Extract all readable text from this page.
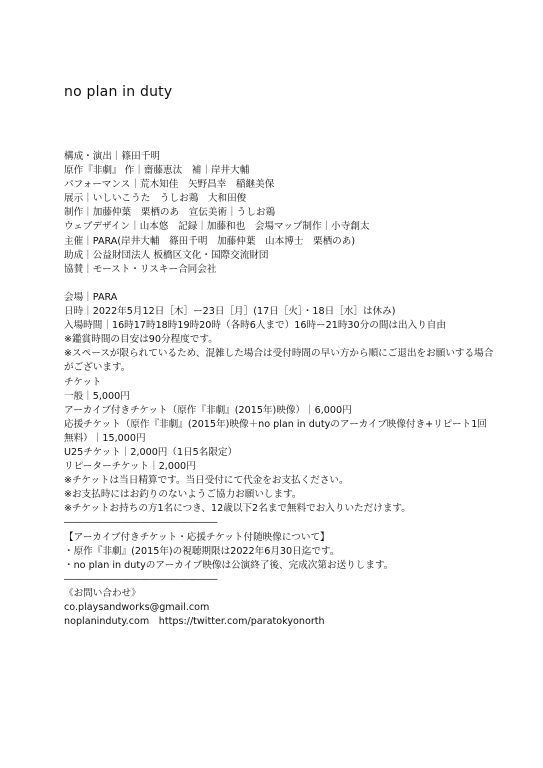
no plan in duty
構成・演出｜篠田千明
原作『非劇』 作｜齋藤恵汰　補｜岸井大輔
パフォーマンス｜荒木知佳　矢野昌幸　稲継美保
展示｜いしいこうた　うしお鶏　大和田俊
制作｜加藤仲葉　栗栖のあ　宣伝美術｜うしお鶏
ウェブデザイン｜山本悠　記録｜加藤和也　会場マップ制作｜小寺創太
主催｜PARA(岸井大輔　篠田千明　加藤仲葉　山本博士　栗栖のあ)
助成｜公益財団法人 板橋区文化・国際交流財団
協賛｜モースト・リスキー合同会社
会場｜PARA
日時｜2022年5月12日［木］ー23日［月］(17日［火］・18日［水］は休み)
入場時間｜16時17時18時19時20時（各時6人まで）16時ー21時30分の間は出入り自由
※鑑賞時間の目安は90分程度です。
※スペースが限られているため、混雑した場合は受付時間の早い方から順にご退出をお願いする場合がございます。
チケット
一般｜5,000円
アーカイブ付きチケット（原作『非劇』(2015年)映像）｜6,000円
応援チケット（原作『非劇』(2015年)映像＋no plan in dutyのアーカイブ映像付き+リピート1回無料）｜15,000円
U25チケット｜2,000円（1日5名限定）
リピーターチケット｜2,000円
※チケットは当日精算です。当日受付にて代金をお支払ください。
※お支払時にはお釣りのないようご協力お願いします。
※チケットお持ちの方1名につき、12歳以下2名まで無料でお入りいただけます。
――――――――――――――――
【アーカイブ付きチケット・応援チケット付随映像について】
・原作『非劇』(2015年)の視聴期限は2022年6月30日迄です。
・no plan in dutyのアーカイブ映像は公演終了後、完成次第お送りします。
――――――――――――――――
《お問い合わせ》
co.playsandworks@gmail.com
noplaninduty.com　https://twitter.com/paratokyonorth
